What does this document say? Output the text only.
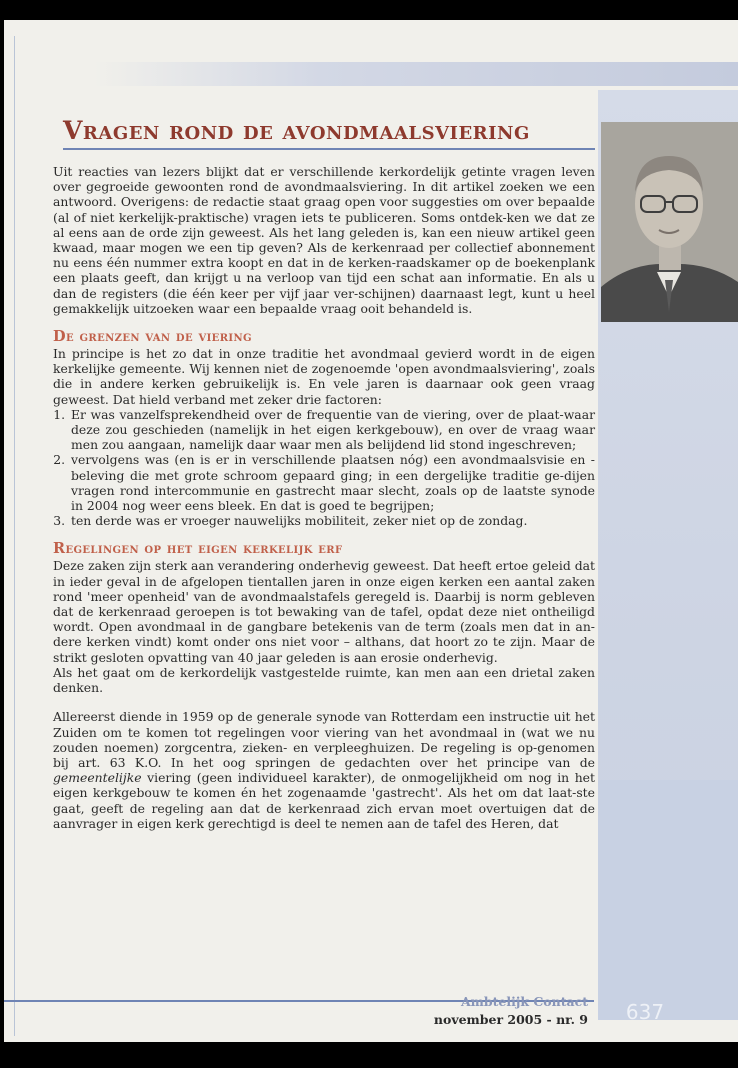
Vragen rond de avondmaalsviering

Uit reacties van lezers blijkt dat er verschillende kerkordelijk getinte vragen leven over gegroeide gewoonten rond de avondmaalsviering. In dit artikel zoeken we een antwoord. Overigens: de redactie staat graag open voor suggesties om over bepaalde (al of niet kerkelijk-praktische) vragen iets te publiceren. Soms ontdek-ken we dat ze al eens aan de orde zijn geweest. Als het lang geleden is, kan een nieuw artikel geen kwaad, maar mogen we een tip geven? Als de kerkenraad per collectief abonnement nu eens één nummer extra koopt en dat in de kerken-raadskamer op de boekenplank een plaats geeft, dan krijgt u na verloop van tijd een schat aan informatie. En als u dan de registers (die één keer per vijf jaar ver-schijnen) daarnaast legt, kunt u heel gemakkelijk uitzoeken waar een bepaalde vraag ooit behandeld is.

De grenzen van de viering

In principe is het zo dat in onze traditie het avondmaal gevierd wordt in de eigen kerkelijke gemeente. Wij kennen niet de zogenoemde 'open avondmaalsviering', zoals die in andere kerken gebruikelijk is. En vele jaren is daarnaar ook geen vraag geweest. Dat hield verband met zeker drie factoren:

1. Er was vanzelfsprekendheid over de frequentie van de viering, over de plaat-waar deze zou geschieden (namelijk in het eigen kerkgebouw), en over de vraag waar men zou aangaan, namelijk daar waar men als belijdend lid stond ingeschreven;
2. vervolgens was (en is er in verschillende plaatsen nóg) een avondmaalsvisie en -beleving die met grote schroom gepaard ging; in een dergelijke traditie ge-dijen vragen rond intercommunie en gastrecht maar slecht, zoals op de laatste synode in 2004 nog weer eens bleek. En dat is goed te begrijpen;
3. ten derde was er vroeger nauwelijks mobiliteit, zeker niet op de zondag.
Regelingen op het eigen kerkelijk erf

Deze zaken zijn sterk aan verandering onderhevig geweest. Dat heeft ertoe geleid dat in ieder geval in de afgelopen tientallen jaren in onze eigen kerken een aantal zaken rond 'meer openheid' van de avondmaalstafels geregeld is. Daarbij is norm gebleven dat de kerkenraad geroepen is tot bewaking van de tafel, opdat deze niet ontheiligd wordt. Open avondmaal in de gangbare betekenis van de term (zoals men dat in an-dere kerken vindt) komt onder ons niet voor – althans, dat hoort zo te zijn. Maar de strikt gesloten opvatting van 40 jaar geleden is aan erosie onderhevig.

Als het gaat om de kerkordelijk vastgestelde ruimte, kan men aan een drietal zaken denken.

Allereerst diende in 1959 op de generale synode van Rotterdam een instructie uit het Zuiden om te komen tot regelingen voor viering van het avondmaal in (wat we nu zouden noemen) zorgcentra, zieken- en verpleeghuizen. De regeling is op-genomen bij art. 63 K.O. In het oog springen de gedachten over het principe van de gemeentelijke viering (geen individueel karakter), de onmogelijkheid om nog in het eigen kerkgebouw te komen én het zogenaamde 'gastrecht'. Als het om dat laat-ste gaat, geeft de regeling aan dat de kerkenraad zich ervan moet overtuigen dat de aanvrager in eigen kerk gerechtigd is deel te nemen aan de tafel des Heren, dat

Ambtelijk Contact
november 2005 - nr. 9	637
